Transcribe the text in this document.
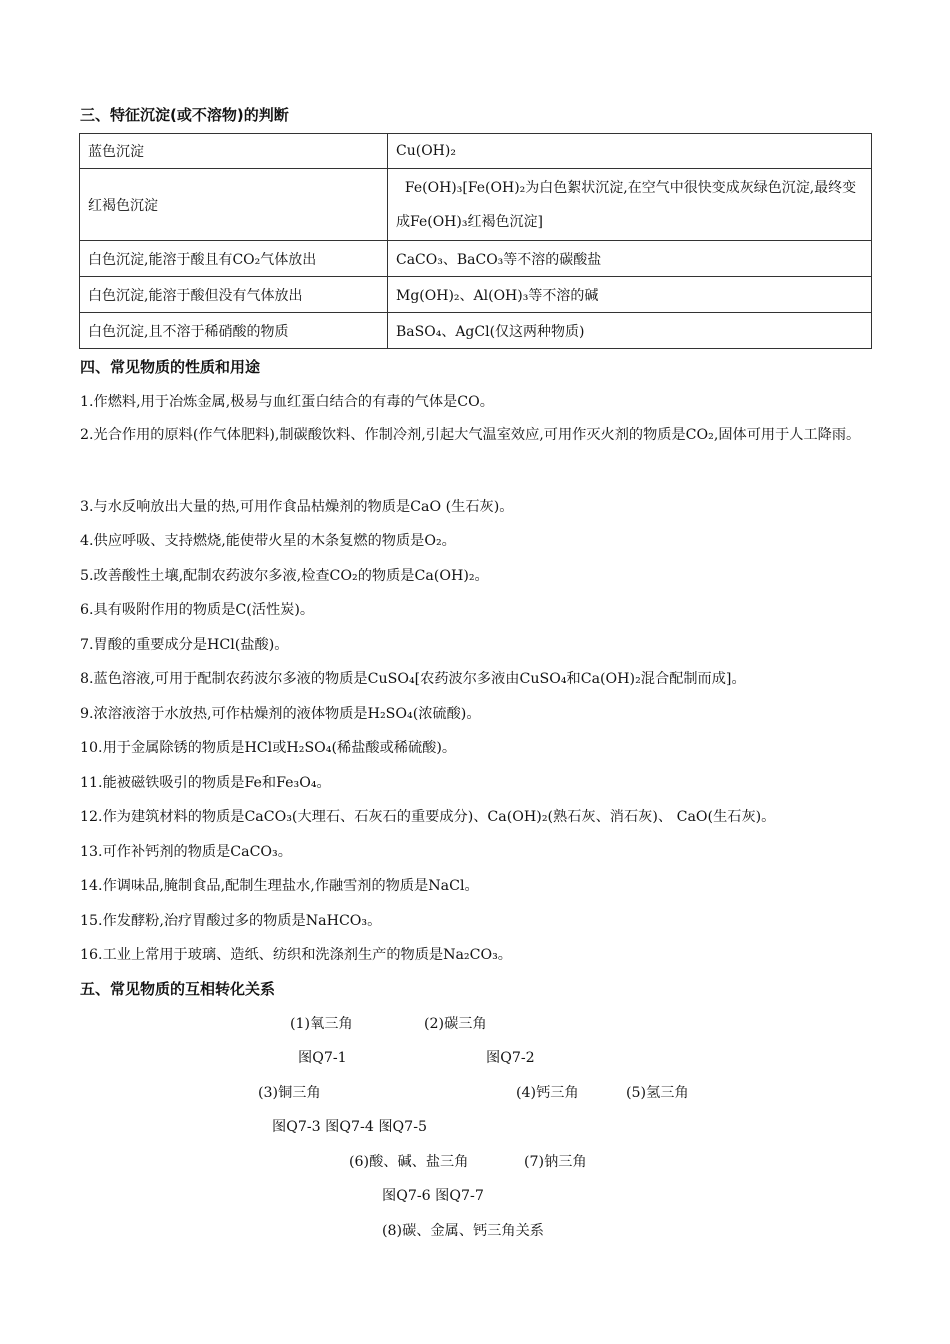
三、特征沉淀(或不溶物)的判断
蓝色沉淀	Cu(OH)₂
红褐色沉淀	Fe(OH)₃[Fe(OH)₂为白色絮状沉淀,在空气中很快变成灰绿色沉淀,最终变成Fe(OH)₃红褐色沉淀]
白色沉淀,能溶于酸且有CO₂气体放出	CaCO₃、BaCO₃等不溶的碳酸盐
白色沉淀,能溶于酸但没有气体放出	Mg(OH)₂、Al(OH)₃等不溶的碱
白色沉淀,且不溶于稀硝酸的物质	BaSO₄、AgCl(仅这两种物质)
四、常见物质的性质和用途
1.作燃料,用于冶炼金属,极易与血红蛋白结合的有毒的气体是CO。
2.光合作用的原料(作气体肥料),制碳酸饮料、作制冷剂,引起大气温室效应,可用作灭火剂的物质是CO₂,固体可用于人工降雨。
3.与水反响放出大量的热,可用作食品枯燥剂的物质是CaO (生石灰)。
4.供应呼吸、支持燃烧,能使带火星的木条复燃的物质是O₂。
5.改善酸性土壤,配制农药波尔多液,检查CO₂的物质是Ca(OH)₂。
6.具有吸附作用的物质是C(活性炭)。
7.胃酸的重要成分是HCl(盐酸)。
8.蓝色溶液,可用于配制农药波尔多液的物质是CuSO₄[农药波尔多液由CuSO₄和Ca(OH)₂混合配制而成]。
9.浓溶液溶于水放热,可作枯燥剂的液体物质是H₂SO₄(浓硫酸)。
10.用于金属除锈的物质是HCl或H₂SO₄(稀盐酸或稀硫酸)。
11.能被磁铁吸引的物质是Fe和Fe₃O₄。
12.作为建筑材料的物质是CaCO₃(大理石、石灰石的重要成分)、Ca(OH)₂(熟石灰、消石灰)、 CaO(生石灰)。
13.可作补钙剂的物质是CaCO₃。
14.作调味品,腌制食品,配制生理盐水,作融雪剂的物质是NaCl。
15.作发酵粉,治疗胃酸过多的物质是NaHCO₃。
16.工业上常用于玻璃、造纸、纺织和洗涤剂生产的物质是Na₂CO₃。
五、常见物质的互相转化关系
(1)氧三角	(2)碳三角
图Q7-1	图Q7-2
(3)铜三角	(4)钙三角	(5)氢三角
图Q7-3 图Q7-4 图Q7-5
(6)酸、碱、盐三角	(7)钠三角
图Q7-6 图Q7-7
(8)碳、金属、钙三角关系
